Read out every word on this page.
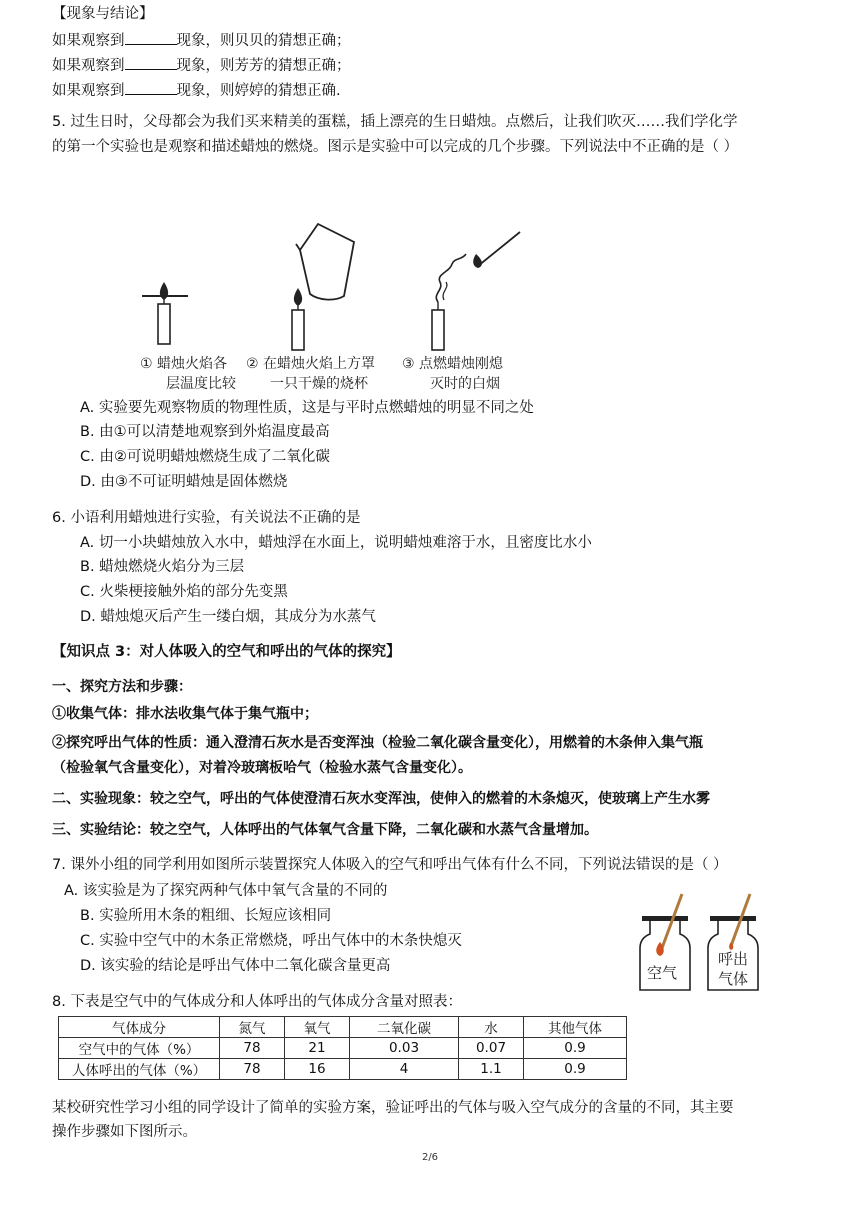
【现象与结论】
如果观察到	现象，则贝贝的猜想正确；
如果观察到	现象，则芳芳的猜想正确；
如果观察到	现象，则婷婷的猜想正确.
5. 过生日时，父母都会为我们买来精美的蛋糕，插上漂亮的生日蜡烛。点燃后，让我们吹灭……我们学化学
的第一个实验也是观察和描述蜡烛的燃烧。图示是实验中可以完成的几个步骤。下列说法中不正确的是（ ）
① 蜡烛火焰各
层温度比较
② 在蜡烛火焰上方罩
一只干燥的烧杯
③ 点燃蜡烛刚熄
灭时的白烟
A. 实验要先观察物质的物理性质，这是与平时点燃蜡烛的明显不同之处
B. 由①可以清楚地观察到外焰温度最高
C. 由②可说明蜡烛燃烧生成了二氧化碳
D. 由③不可证明蜡烛是固体燃烧
6. 小语利用蜡烛进行实验，有关说法不正确的是
A. 切一小块蜡烛放入水中，蜡烛浮在水面上，说明蜡烛难溶于水，且密度比水小
B. 蜡烛燃烧火焰分为三层
C. 火柴梗接触外焰的部分先变黑
D. 蜡烛熄灭后产生一缕白烟，其成分为水蒸气
【知识点 3：对人体吸入的空气和呼出的气体的探究】
一、探究方法和步骤：
①收集气体：排水法收集气体于集气瓶中；
②探究呼出气体的性质：通入澄清石灰水是否变浑浊（检验二氧化碳含量变化），用燃着的木条伸入集气瓶
（检验氧气含量变化），对着冷玻璃板哈气（检验水蒸气含量变化）。
二、实验现象：较之空气，呼出的气体使澄清石灰水变浑浊，使伸入的燃着的木条熄灭，使玻璃上产生水雾
三、实验结论：较之空气，人体呼出的气体氧气含量下降，二氧化碳和水蒸气含量增加。
7. 课外小组的同学利用如图所示装置探究人体吸入的空气和呼出气体有什么不同，下列说法错误的是（ ）
A. 该实验是为了探究两种气体中氧气含量的不同的
B. 实验所用木条的粗细、长短应该相同
C. 实验中空气中的木条正常燃烧，呼出气体中的木条快熄灭
D. 该实验的结论是呼出气体中二氧化碳含量更高	空气
呼出
气体
8. 下表是空气中的气体成分和人体呼出的气体成分含量对照表：
气体成分	氮气	氧气	二氧化碳	水	其他气体
空气中的气体（%）	78	21	0.03	0.07	0.9
人体呼出的气体（%）	78	16	4	1.1	0.9
某校研究性学习小组的同学设计了简单的实验方案，验证呼出的气体与吸入空气成分的含量的不同，其主要
操作步骤如下图所示。
2/6
